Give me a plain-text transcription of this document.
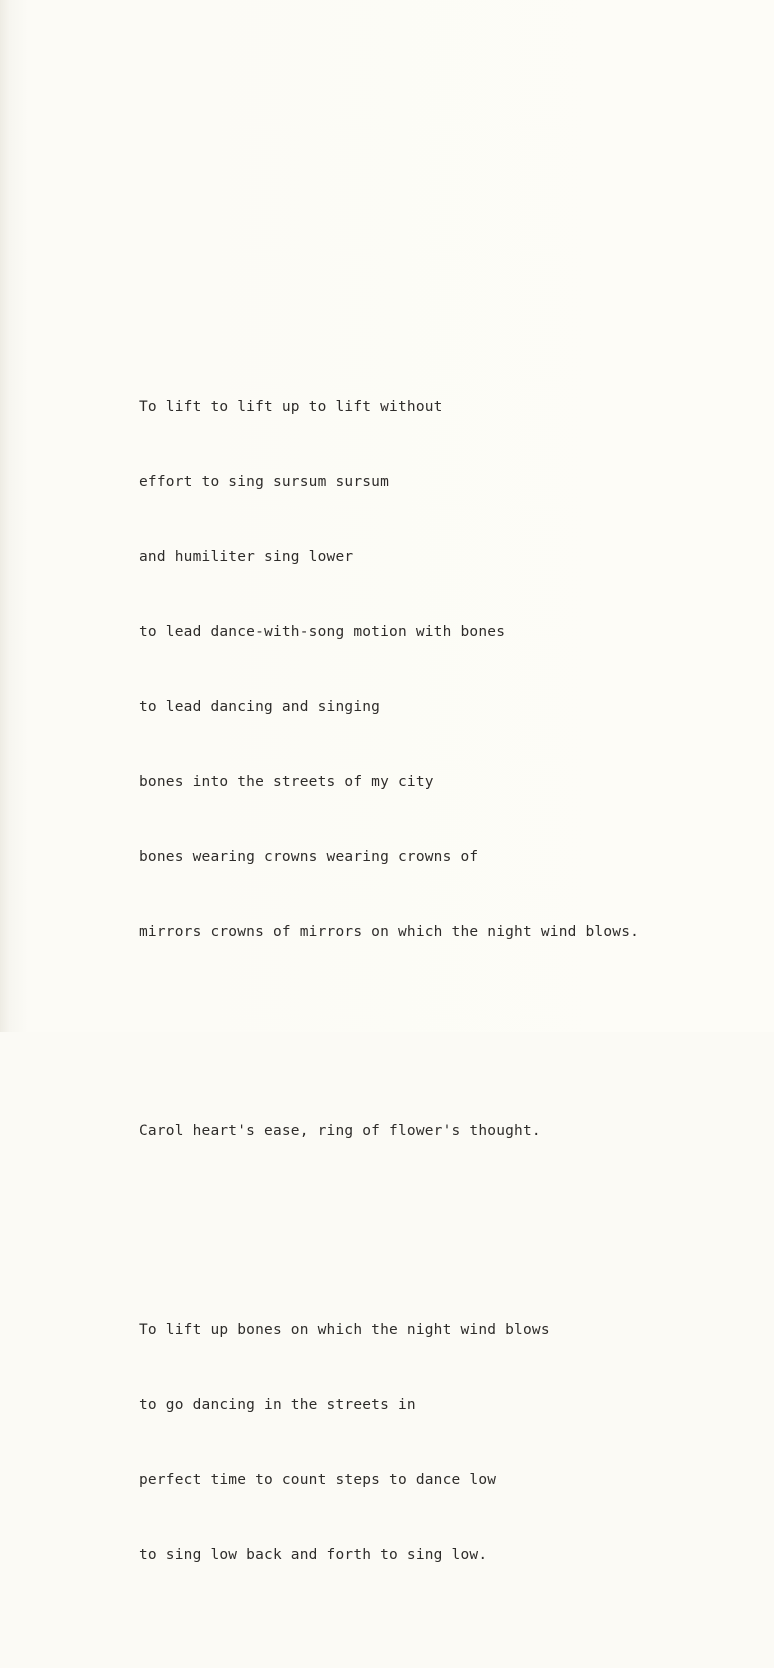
To lift to lift up to lift without

effort to sing sursum sursum

and humiliter sing lower

to lead dance-with-song motion with bones

to lead dancing and singing

bones into the streets of my city

bones wearing crowns wearing crowns of

mirrors crowns of mirrors on which the night wind blows.

Carol heart's ease, ring of flower's thought.

To lift up bones on which the night wind blows

to go dancing in the streets in

perfect time to count steps to dance low

to sing low back and forth to sing low.
